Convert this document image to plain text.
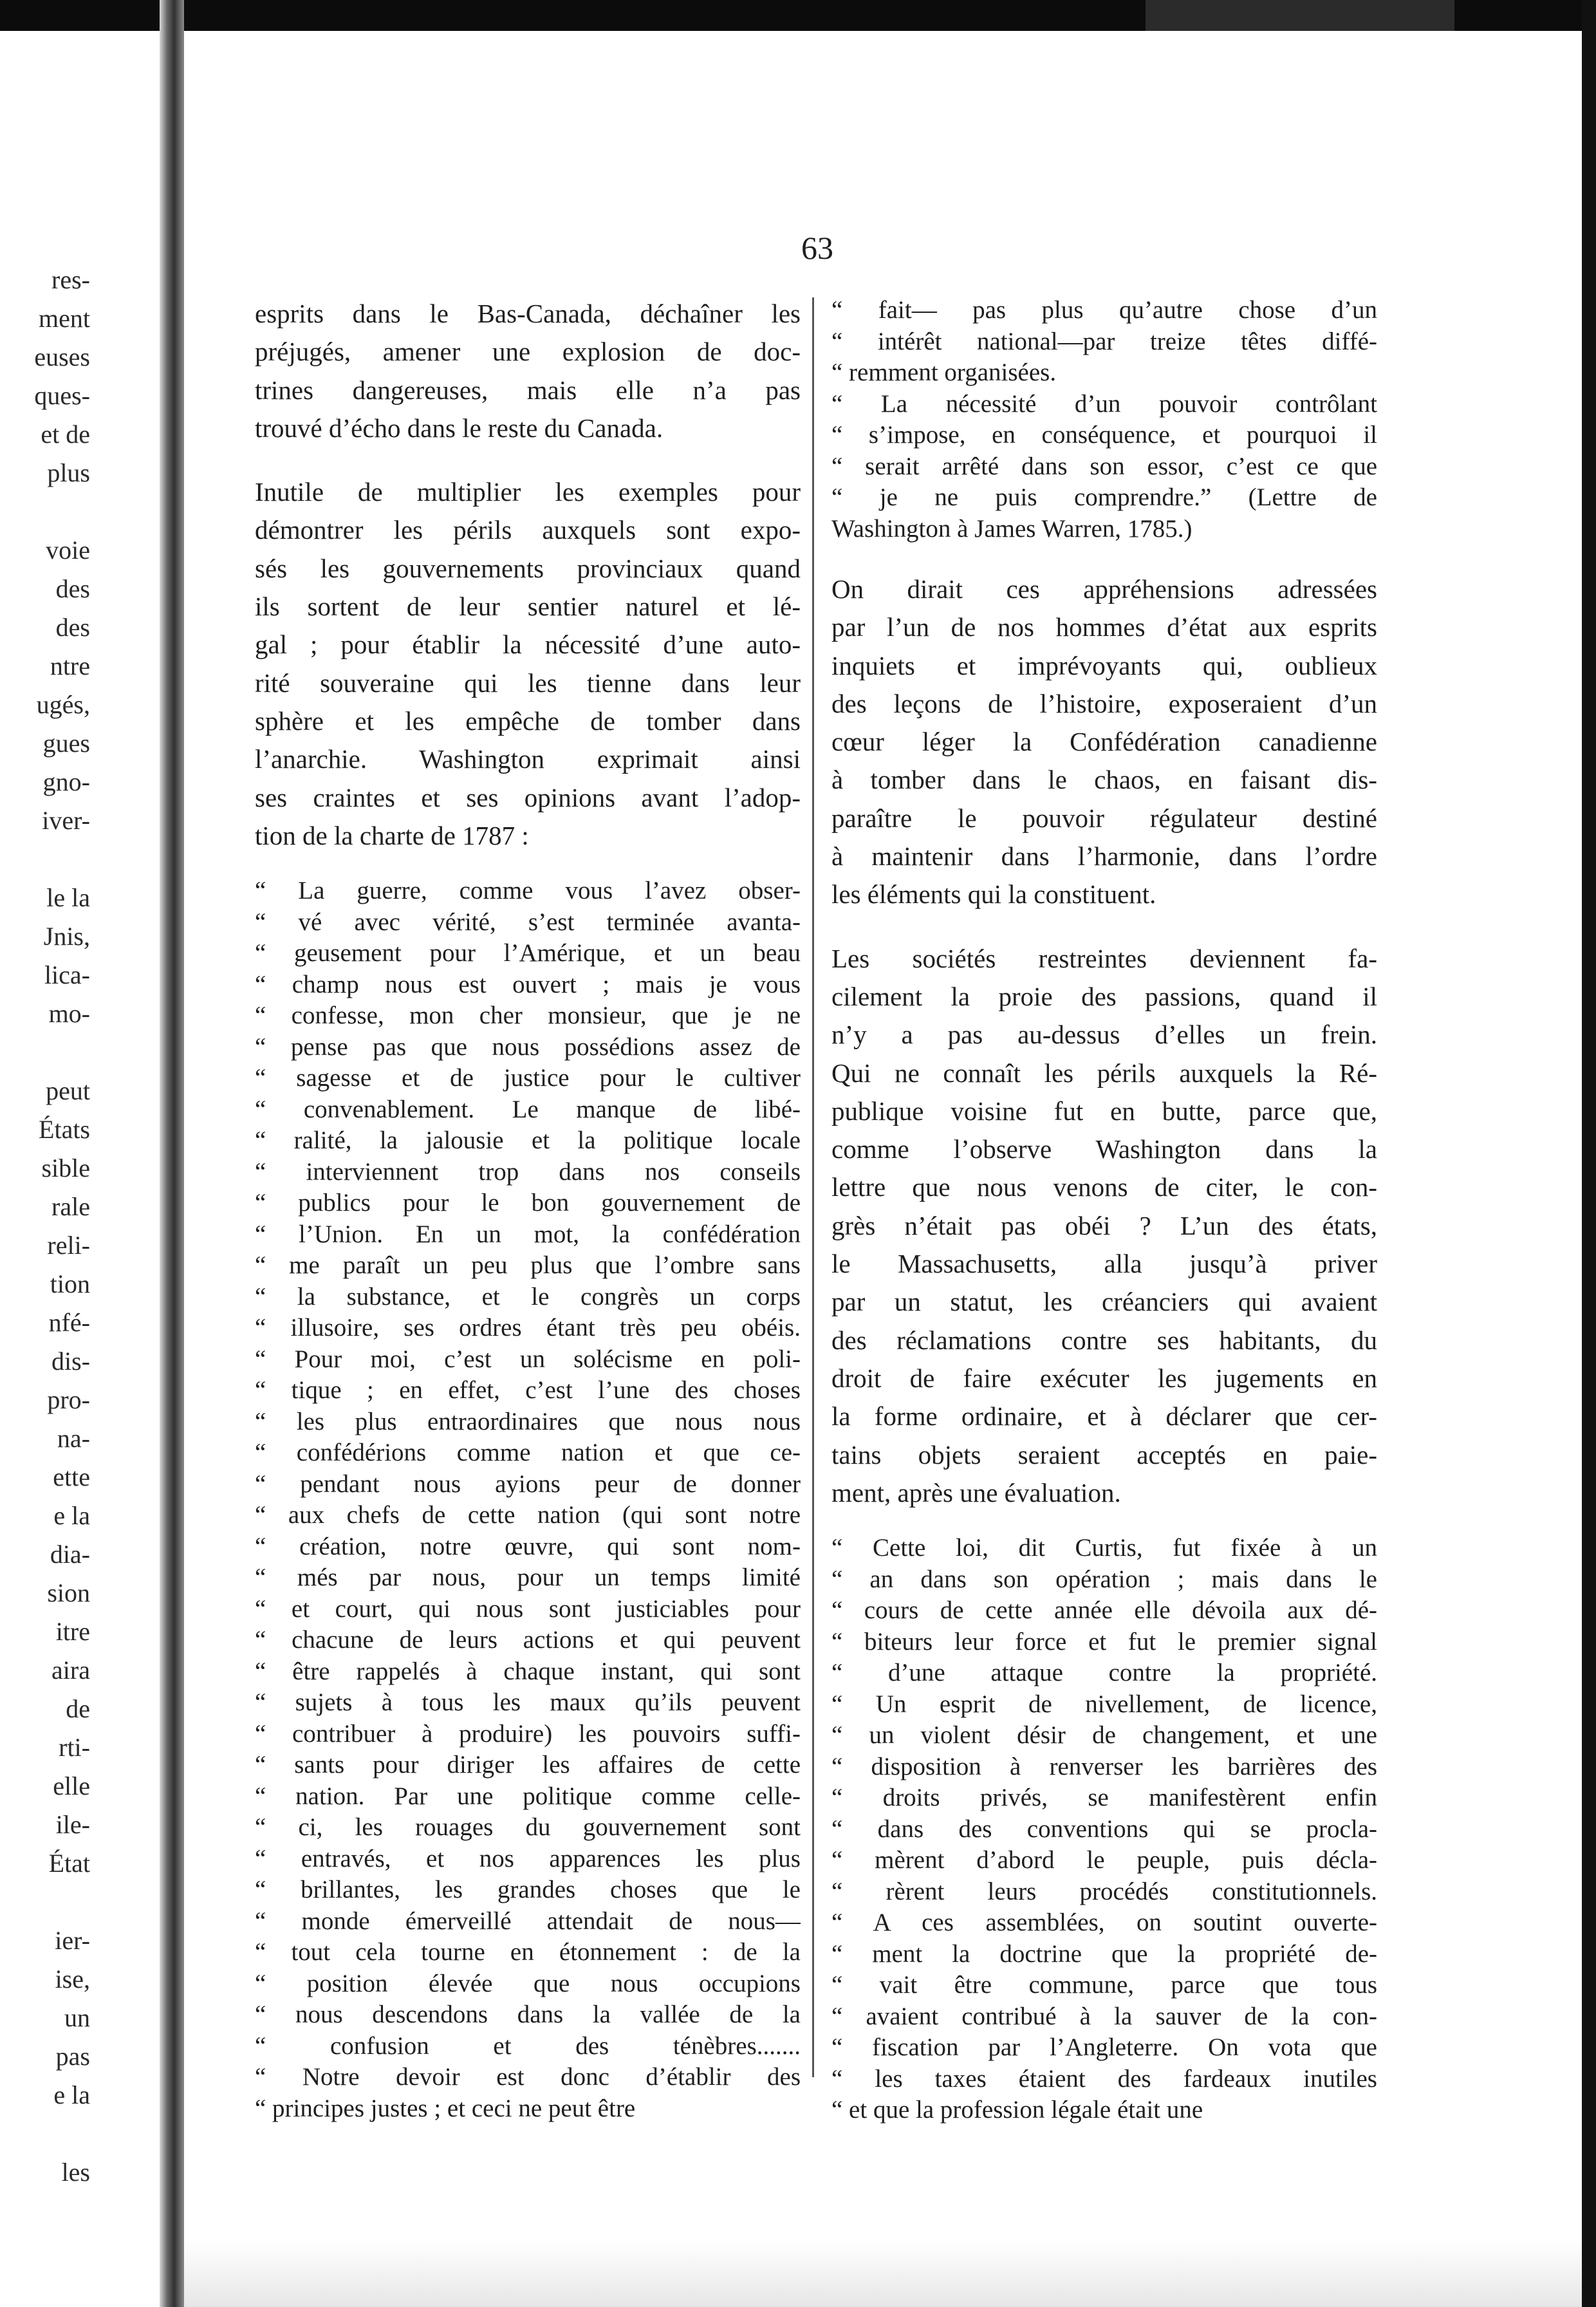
res-
ment
euses
ques-
et de
plus

voie
des
des
ntre
ugés,
gues
gno-
iver-

le la
Jnis,
lica-
mo-

peut
États
sible
rale
reli-
tion
nfé-
dis-
pro-
na-
ette
e la
dia-
sion
itre
aira
de
rti-
elle
ile-
État

ier-
ise,
un
pas
e la

les
63
esprits dans le Bas-Canada, déchaîner les
préjugés, amener une explosion de doc-
trines dangereuses, mais elle n’a pas
trouvé d’écho dans le reste du Canada.
Inutile de multiplier les exemples pour
démontrer les périls auxquels sont expo-
sés les gouvernements provinciaux quand
ils sortent de leur sentier naturel et lé-
gal ; pour établir la nécessité d’une auto-
rité souveraine qui les tienne dans leur
sphère et les empêche de tomber dans
l’anarchie. Washington exprimait ainsi
ses craintes et ses opinions avant l’adop-
tion de la charte de 1787 :
“ La guerre, comme vous l’avez obser-
“ vé avec vérité, s’est terminée avanta-
“ geusement pour l’Amérique, et un beau
“ champ nous est ouvert ; mais je vous
“ confesse, mon cher monsieur, que je ne
“ pense pas que nous possédions assez de
“ sagesse et de justice pour le cultiver
“ convenablement. Le manque de libé-
“ ralité, la jalousie et la politique locale
“ interviennent trop dans nos conseils
“ publics pour le bon gouvernement de
“ l’Union. En un mot, la confédération
“ me paraît un peu plus que l’ombre sans
“ la substance, et le congrès un corps
“ illusoire, ses ordres étant très peu obéis.
“ Pour moi, c’est un solécisme en poli-
“ tique ; en effet, c’est l’une des choses
“ les plus entraordinaires que nous nous
“ confédérions comme nation et que ce-
“ pendant nous ayions peur de donner
“ aux chefs de cette nation (qui sont notre
“ création, notre œuvre, qui sont nom-
“ més par nous, pour un temps limité
“ et court, qui nous sont justiciables pour
“ chacune de leurs actions et qui peuvent
“ être rappelés à chaque instant, qui sont
“ sujets à tous les maux qu’ils peuvent
“ contribuer à produire) les pouvoirs suffi-
“ sants pour diriger les affaires de cette
“ nation. Par une politique comme celle-
“ ci, les rouages du gouvernement sont
“ entravés, et nos apparences les plus
“ brillantes, les grandes choses que le
“ monde émerveillé attendait de nous—
“ tout cela tourne en étonnement : de la
“ position élevée que nous occupions
“ nous descendons dans la vallée de la
“ confusion et des ténèbres.......
“ Notre devoir est donc d’établir des
“ principes justes ; et ceci ne peut être
“ fait— pas plus qu’autre chose d’un
“ intérêt national—par treize têtes diffé-
“ remment organisées.
“ La nécessité d’un pouvoir contrôlant
“ s’impose, en conséquence, et pourquoi il
“ serait arrêté dans son essor, c’est ce que
“ je ne puis comprendre.” (Lettre de
Washington à James Warren, 1785.)
On dirait ces appréhensions adressées
par l’un de nos hommes d’état aux esprits
inquiets et imprévoyants qui, oublieux
des leçons de l’histoire, exposeraient d’un
cœur léger la Confédération canadienne
à tomber dans le chaos, en faisant dis-
paraître le pouvoir régulateur destiné
à maintenir dans l’harmonie, dans l’ordre
les éléments qui la constituent.
Les sociétés restreintes deviennent fa-
cilement la proie des passions, quand il
n’y a pas au-dessus d’elles un frein.
Qui ne connaît les périls auxquels la Ré-
publique voisine fut en butte, parce que,
comme l’observe Washington dans la
lettre que nous venons de citer, le con-
grès n’était pas obéi ? L’un des états,
le Massachusetts, alla jusqu’à priver
par un statut, les créanciers qui avaient
des réclamations contre ses habitants, du
droit de faire exécuter les jugements en
la forme ordinaire, et à déclarer que cer-
tains objets seraient acceptés en paie-
ment, après une évaluation.
“ Cette loi, dit Curtis, fut fixée à un
“ an dans son opération ; mais dans le
“ cours de cette année elle dévoila aux dé-
“ biteurs leur force et fut le premier signal
“ d’une attaque contre la propriété.
“ Un esprit de nivellement, de licence,
“ un violent désir de changement, et une
“ disposition à renverser les barrières des
“ droits privés, se manifestèrent enfin
“ dans des conventions qui se procla-
“ mèrent d’abord le peuple, puis décla-
“ rèrent leurs procédés constitutionnels.
“ A ces assemblées, on soutint ouverte-
“ ment la doctrine que la propriété de-
“ vait être commune, parce que tous
“ avaient contribué à la sauver de la con-
“ fiscation par l’Angleterre. On vota que
“ les taxes étaient des fardeaux inutiles
“ et que la profession légale était une
